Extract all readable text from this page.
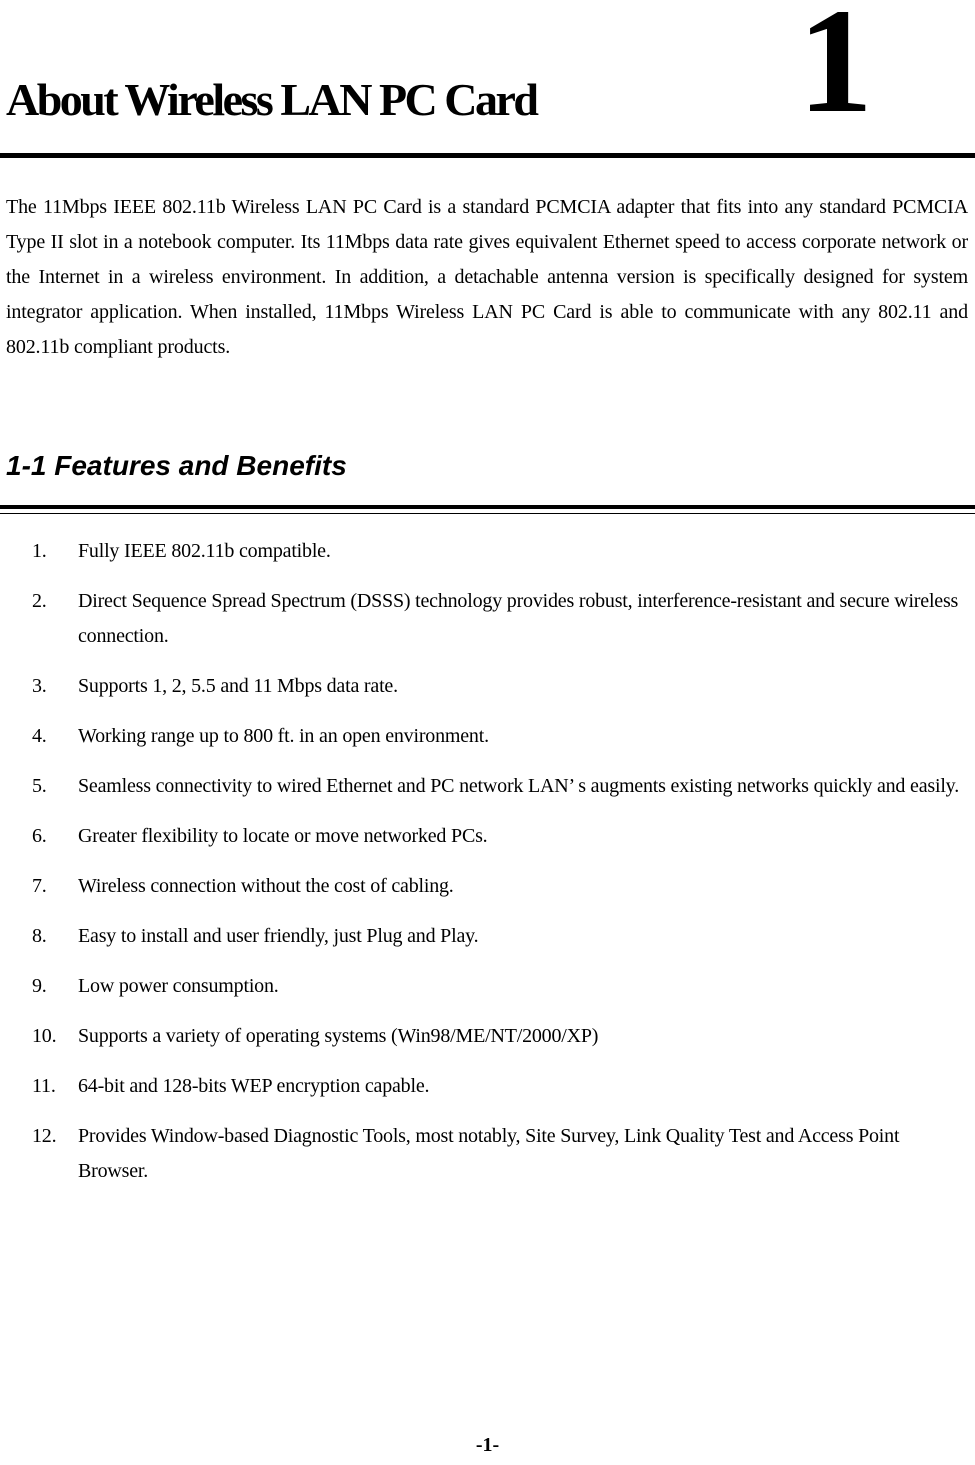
About Wireless LAN PC Card 1

The 11Mbps IEEE 802.11b Wireless LAN PC Card is a standard PCMCIA adapter that fits into any standard PCMCIA Type II slot in a notebook computer. Its 11Mbps data rate gives equivalent Ethernet speed to access corporate network or the Internet in a wireless environment. In addition, a detachable antenna version is specifically designed for system integrator application. When installed, 11Mbps Wireless LAN PC Card is able to communicate with any 802.11 and 802.11b compliant products.

1-1 Features and Benefits
1. Fully IEEE 802.11b compatible.
2. Direct Sequence Spread Spectrum (DSSS) technology provides robust, interference-resistant and secure wireless connection.
3. Supports 1, 2, 5.5 and 11 Mbps data rate.
4. Working range up to 800 ft. in an open environment.
5. Seamless connectivity to wired Ethernet and PC network LAN’ s augments existing networks quickly and easily.
6. Greater flexibility to locate or move networked PCs.
7. Wireless connection without the cost of cabling.
8. Easy to install and user friendly, just Plug and Play.
9. Low power consumption.
10. Supports a variety of operating systems (Win98/ME/NT/2000/XP)
11. 64-bit and 128-bits WEP encryption capable.
12. Provides Window-based Diagnostic Tools, most notably, Site Survey, Link Quality Test and Access Point Browser.
-1-
